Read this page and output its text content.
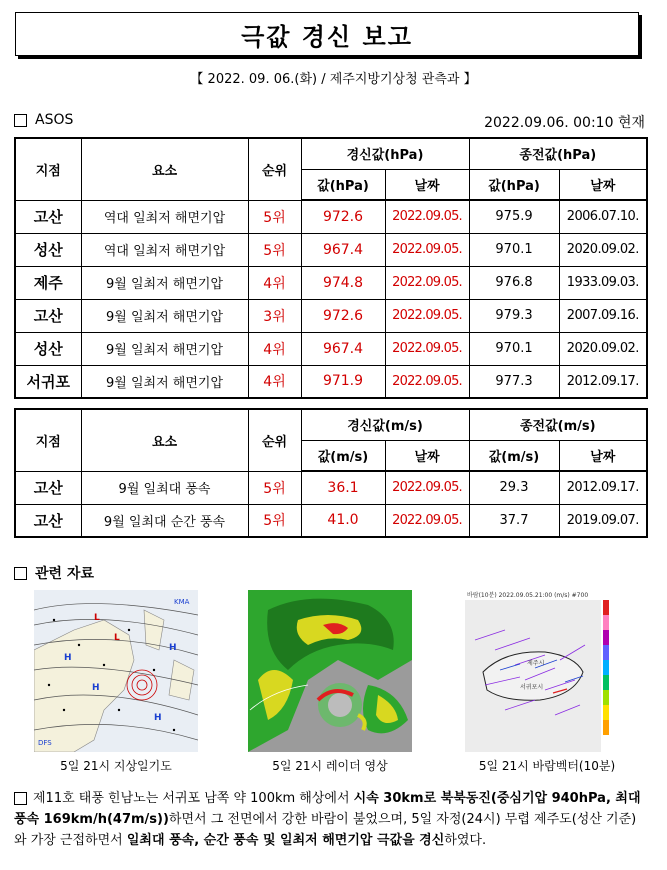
극값 경신 보고
【 2022. 09. 06.(화) / 제주지방기상청 관측과 】
ASOS	2022.09.06. 00:10 현재
지점	요소	순위	경신값(hPa)		종전값(hPa)	
			값(hPa)	날짜	값(hPa)	날짜
고산	역대 일최저 해면기압	5위	972.6	2022.09.05.	975.9	2006.07.10.
성산	역대 일최저 해면기압	5위	967.4	2022.09.05.	970.1	2020.09.02.
제주	9월 일최저 해면기압	4위	974.8	2022.09.05.	976.8	1933.09.03.
고산	9월 일최저 해면기압	3위	972.6	2022.09.05.	979.3	2007.09.16.
성산	9월 일최저 해면기압	4위	967.4	2022.09.05.	970.1	2020.09.02.
서귀포	9월 일최저 해면기압	4위	971.9	2022.09.05.	977.3	2012.09.17.
지점	요소	순위	경신값(m/s)		종전값(m/s)	
			값(m/s)	날짜	값(m/s)	날짜
고산	9월 일최대 풍속	5위	36.1	2022.09.05.	29.3	2012.09.17.
고산	9월 일최대 순간 풍속	5위	41.0	2022.09.05.	37.7	2019.09.07.
관련 자료
H
H
H
H
L
L
KMA
DFS
5일 21시 지상일기도	5일 21시 레이더 영상
바람(10분) 2022.09.05.21:00 (m/s) #700
제주시
서귀포시
5일 21시 바람벡터(10분)
제11호 태풍 힌남노는 서귀포 남쪽 약 100km 해상에서 시속 30km로 북북동진(중심기압 940hPa, 최대풍속 169km/h(47m/s))하면서 그 전면에서 강한 바람이 불었으며, 5일 자정(24시) 무렵 제주도(성산 기준)와 가장 근접하면서 일최대 풍속, 순간 풍속 및 일최저 해면기압 극값을 경신하였다.
